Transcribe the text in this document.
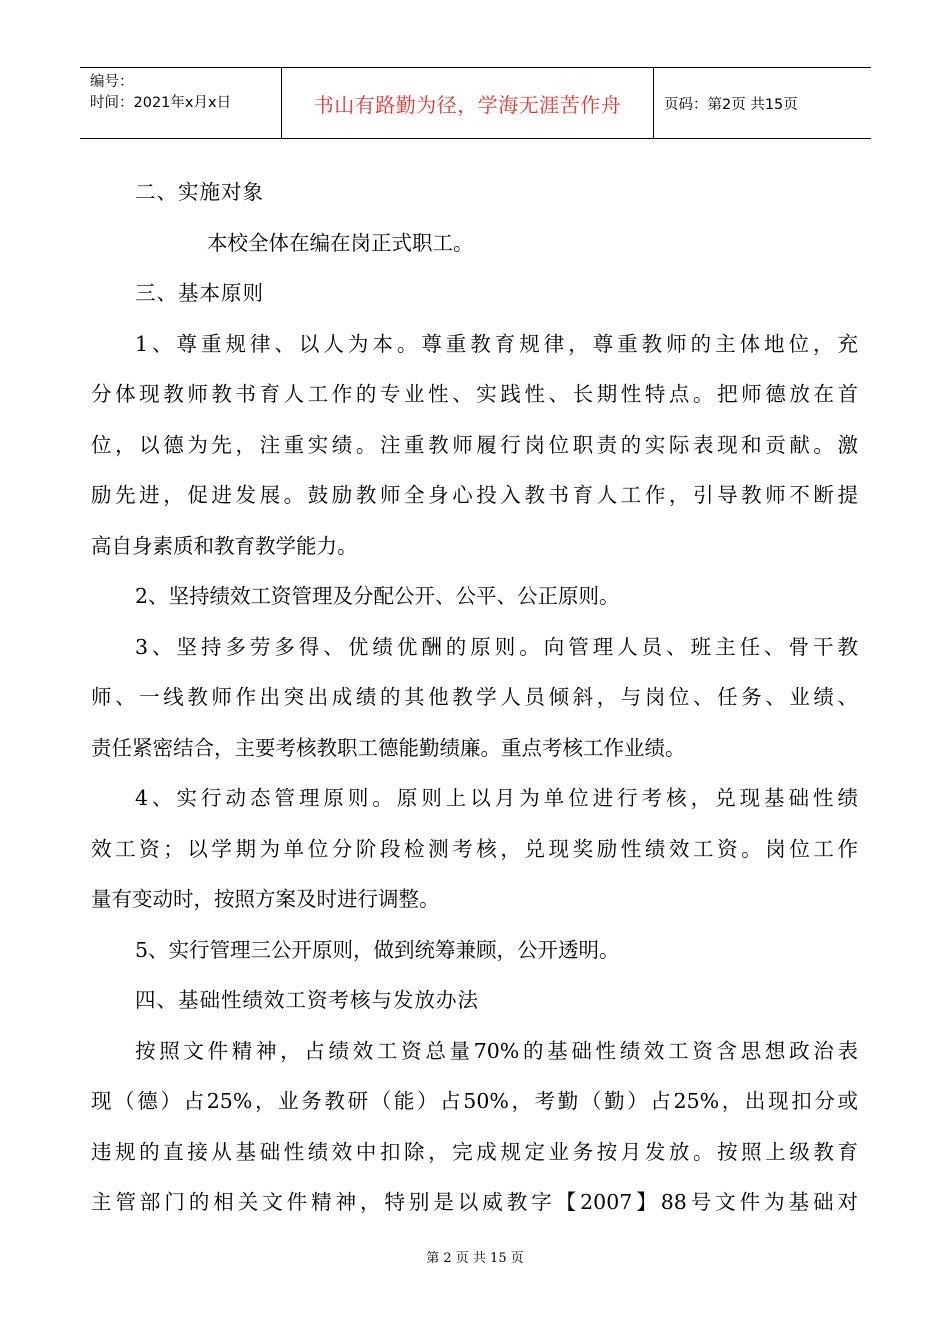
编号：
时间：2021年x月x日	书山有路勤为径，学海无涯苦作舟	页码：第2页 共15页
二、实施对象
本校全体在编在岗正式职工。
三、基本原则
1、尊重规律、以人为本。尊重教育规律，尊重教师的主体地位，充
分体现教师教书育人工作的专业性、实践性、长期性特点。把师德放在首
位，以德为先，注重实绩。注重教师履行岗位职责的实际表现和贡献。激
励先进，促进发展。鼓励教师全身心投入教书育人工作，引导教师不断提
高自身素质和教育教学能力。
2、坚持绩效工资管理及分配公开、公平、公正原则。
3、坚持多劳多得、优绩优酬的原则。向管理人员、班主任、骨干教
师、一线教师作出突出成绩的其他教学人员倾斜，与岗位、任务、业绩、
责任紧密结合，主要考核教职工德能勤绩廉。重点考核工作业绩。
4、实行动态管理原则。原则上以月为单位进行考核，兑现基础性绩
效工资；以学期为单位分阶段检测考核，兑现奖励性绩效工资。岗位工作
量有变动时，按照方案及时进行调整。
5、实行管理三公开原则，做到统筹兼顾，公开透明。
四、基础性绩效工资考核与发放办法
按照文件精神，占绩效工资总量70%的基础性绩效工资含思想政治表
现（德）占25%，业务教研（能）占50%，考勤（勤）占25%，出现扣分或
违规的直接从基础性绩效中扣除，完成规定业务按月发放。按照上级教育
主管部门的相关文件精神，特别是以威教字【2007】88号文件为基础对
第 2 页 共 15 页
